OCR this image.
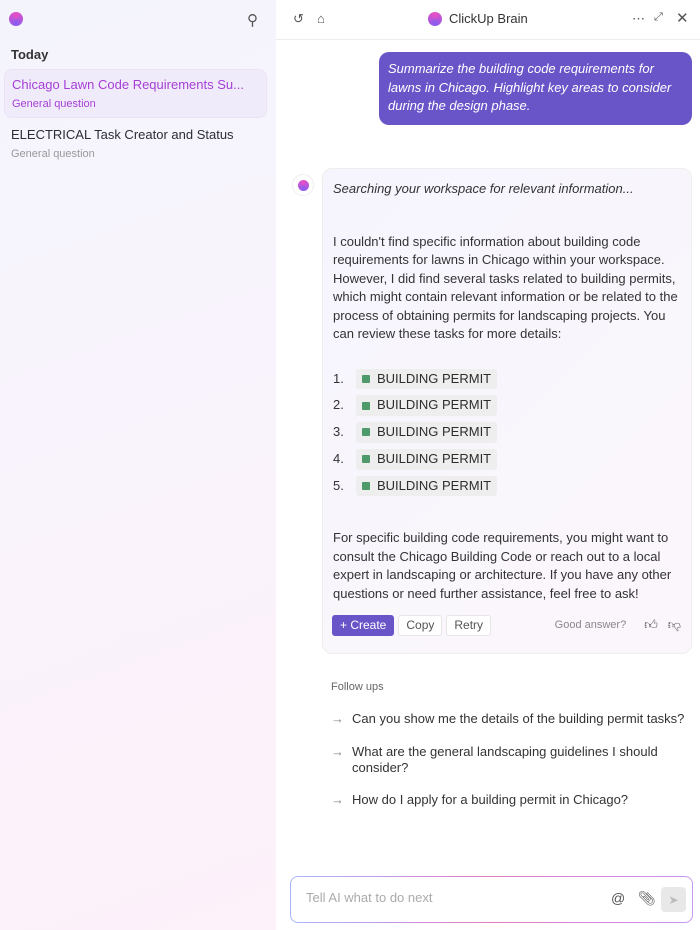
⚲
Today
Chicago Lawn Code Requirements Su...
General question
ELECTRICAL Task Creator and Status
General question
↺ ⌂	ClickUp Brain	⋯ ⤢ ✕
Summarize the building code requirements for lawns in Chicago. Highlight key areas to consider during the design phase.
Searching your workspace for relevant information...

I couldn't find specific information about building code requirements for lawns in Chicago within your workspace. However, I did find several tasks related to building permits, which might contain relevant information or be related to the process of obtaining permits for landscaping projects. You can review these tasks for more details:

1.	BUILDING PERMIT
2.	BUILDING PERMIT
3.	BUILDING PERMIT
4.	BUILDING PERMIT
5.	BUILDING PERMIT

For specific building code requirements, you might want to consult the Chicago Building Code or reach out to a local expert in landscaping or architecture. If you have any other questions or need further assistance, feel free to ask!

+ Create	Copy	Retry	Good answer? 👍︎ 👎︎
Follow ups
→ Can you show me the details of the building permit tasks?
→ What are the general landscaping guidelines I should consider?
→ How do I apply for a building permit in Chicago?
Tell AI what to do next
@ 📎︎	➤
